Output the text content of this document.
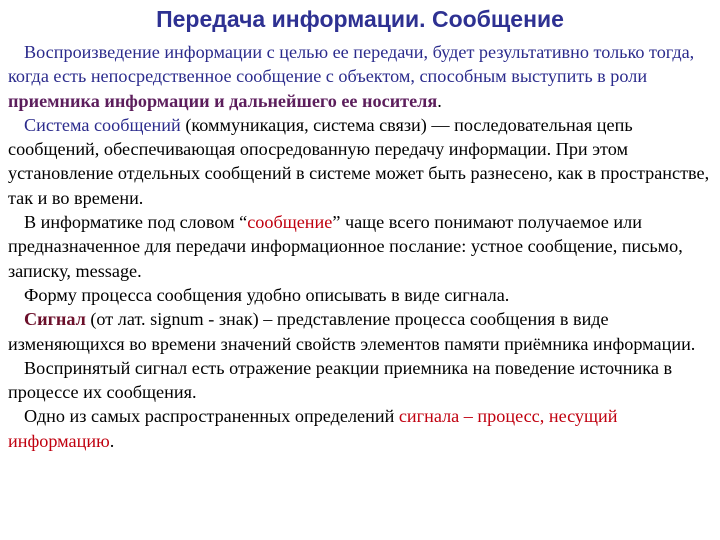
Передача информации. Сообщение

Воспроизведение информации с целью ее передачи, будет результативно только тогда, когда есть непосредственное сообщение с объектом, способным выступить в роли приемника информации и дальнейшего ее носителя.

Система сообщений (коммуникация, система связи) — последовательная цепь сообщений, обеспечивающая опосредованную передачу информации. При этом установление отдельных сообщений в системе может быть разнесено, как в пространстве, так и во времени.

В информатике под словом “сообщение” чаще всего понимают получаемое или предназначенное для передачи информационное послание: устное сообщение, письмо, записку, message.

Форму процесса сообщения удобно описывать в виде сигнала.

Сигнал (от лат. signum - знак) – представление процесса сообщения в виде изменяющихся во времени значений свойств элементов памяти приёмника информации.

Воспринятый сигнал есть отражение реакции приемника на поведение источника в процессе их сообщения.

Одно из самых распространенных определений сигнала – процесс, несущий информацию.
